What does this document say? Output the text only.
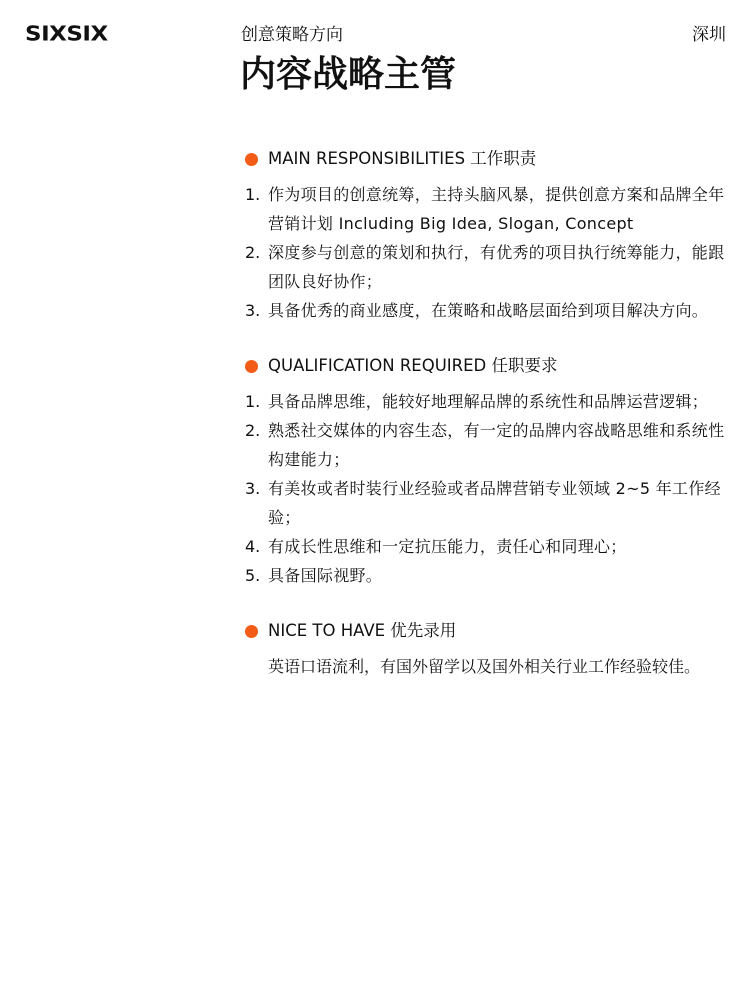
SIXSIX	创意策略方向	深圳
内容战略主管
MAIN RESPONSIBILITIES 工作职责
1. 作为项目的创意统筹，主持头脑风暴，提供创意方案和品牌全年营销计划 Including Big Idea, Slogan, Concept
2. 深度参与创意的策划和执行，有优秀的项目执行统筹能力，能跟团队良好协作；
3. 具备优秀的商业感度，在策略和战略层面给到项目解决方向。
QUALIFICATION REQUIRED 任职要求
1. 具备品牌思维，能较好地理解品牌的系统性和品牌运营逻辑；
2. 熟悉社交媒体的内容生态，有一定的品牌内容战略思维和系统性构建能力；
3. 有美妆或者时装行业经验或者品牌营销专业领域 2~5 年工作经验；
4. 有成长性思维和一定抗压能力，责任心和同理心；
5. 具备国际视野。
NICE TO HAVE 优先录用
英语口语流利，有国外留学以及国外相关行业工作经验较佳。
